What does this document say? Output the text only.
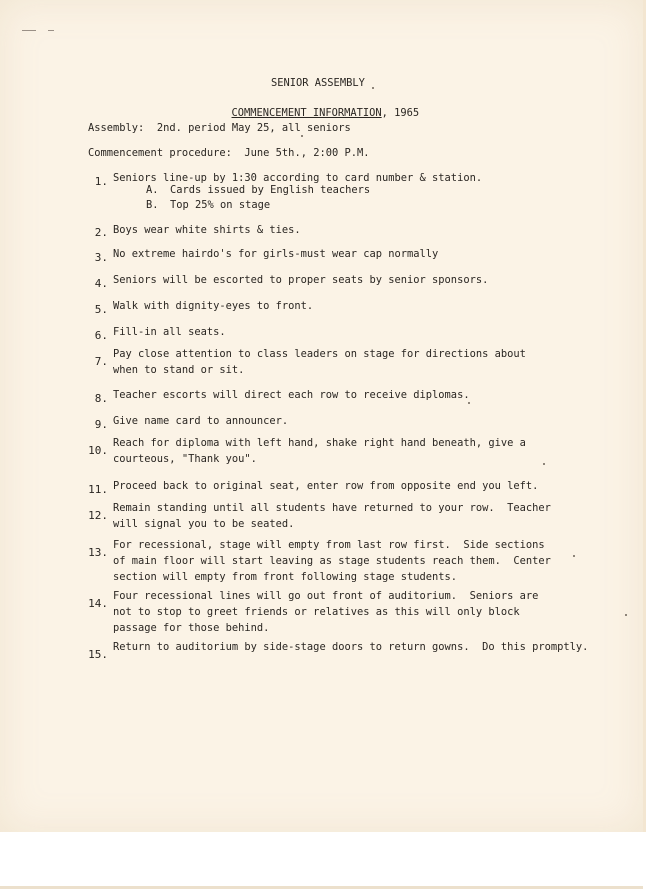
SENIOR ASSEMBLY

COMMENCEMENT INFORMATION, 1965

Assembly:  2nd. period May 25, all seniors
Commencement procedure:  June 5th., 2:00 P.M.
1. Seniors line-up by 1:30 according to card number & station.
A. Cards issued by English teachers
B. Top 25% on stage
2. Boys wear white shirts & ties.
3. No extreme hairdo's for girls-must wear cap normally
4. Seniors will be escorted to proper seats by senior sponsors.
5. Walk with dignity-eyes to front.
6. Fill-in all seats.
7.
Pay close attention to class leaders on stage for directions about
when to stand or sit.
8. Teacher escorts will direct each row to receive diplomas.
9. Give name card to announcer.
10.
Reach for diploma with left hand, shake right hand beneath, give a
courteous, "Thank you".
11. Proceed back to original seat, enter row from opposite end you left.
12.
Remain standing until all students have returned to your row.  Teacher
will signal you to be seated.
13.
For recessional, stage will empty from last row first.  Side sections
of main floor will start leaving as stage students reach them.  Center
section will empty from front following stage students.
14.
Four recessional lines will go out front of auditorium.  Seniors are
not to stop to greet friends or relatives as this will only block
passage for those behind.
15.
Return to auditorium by side-stage doors to return gowns.  Do this promptly.
